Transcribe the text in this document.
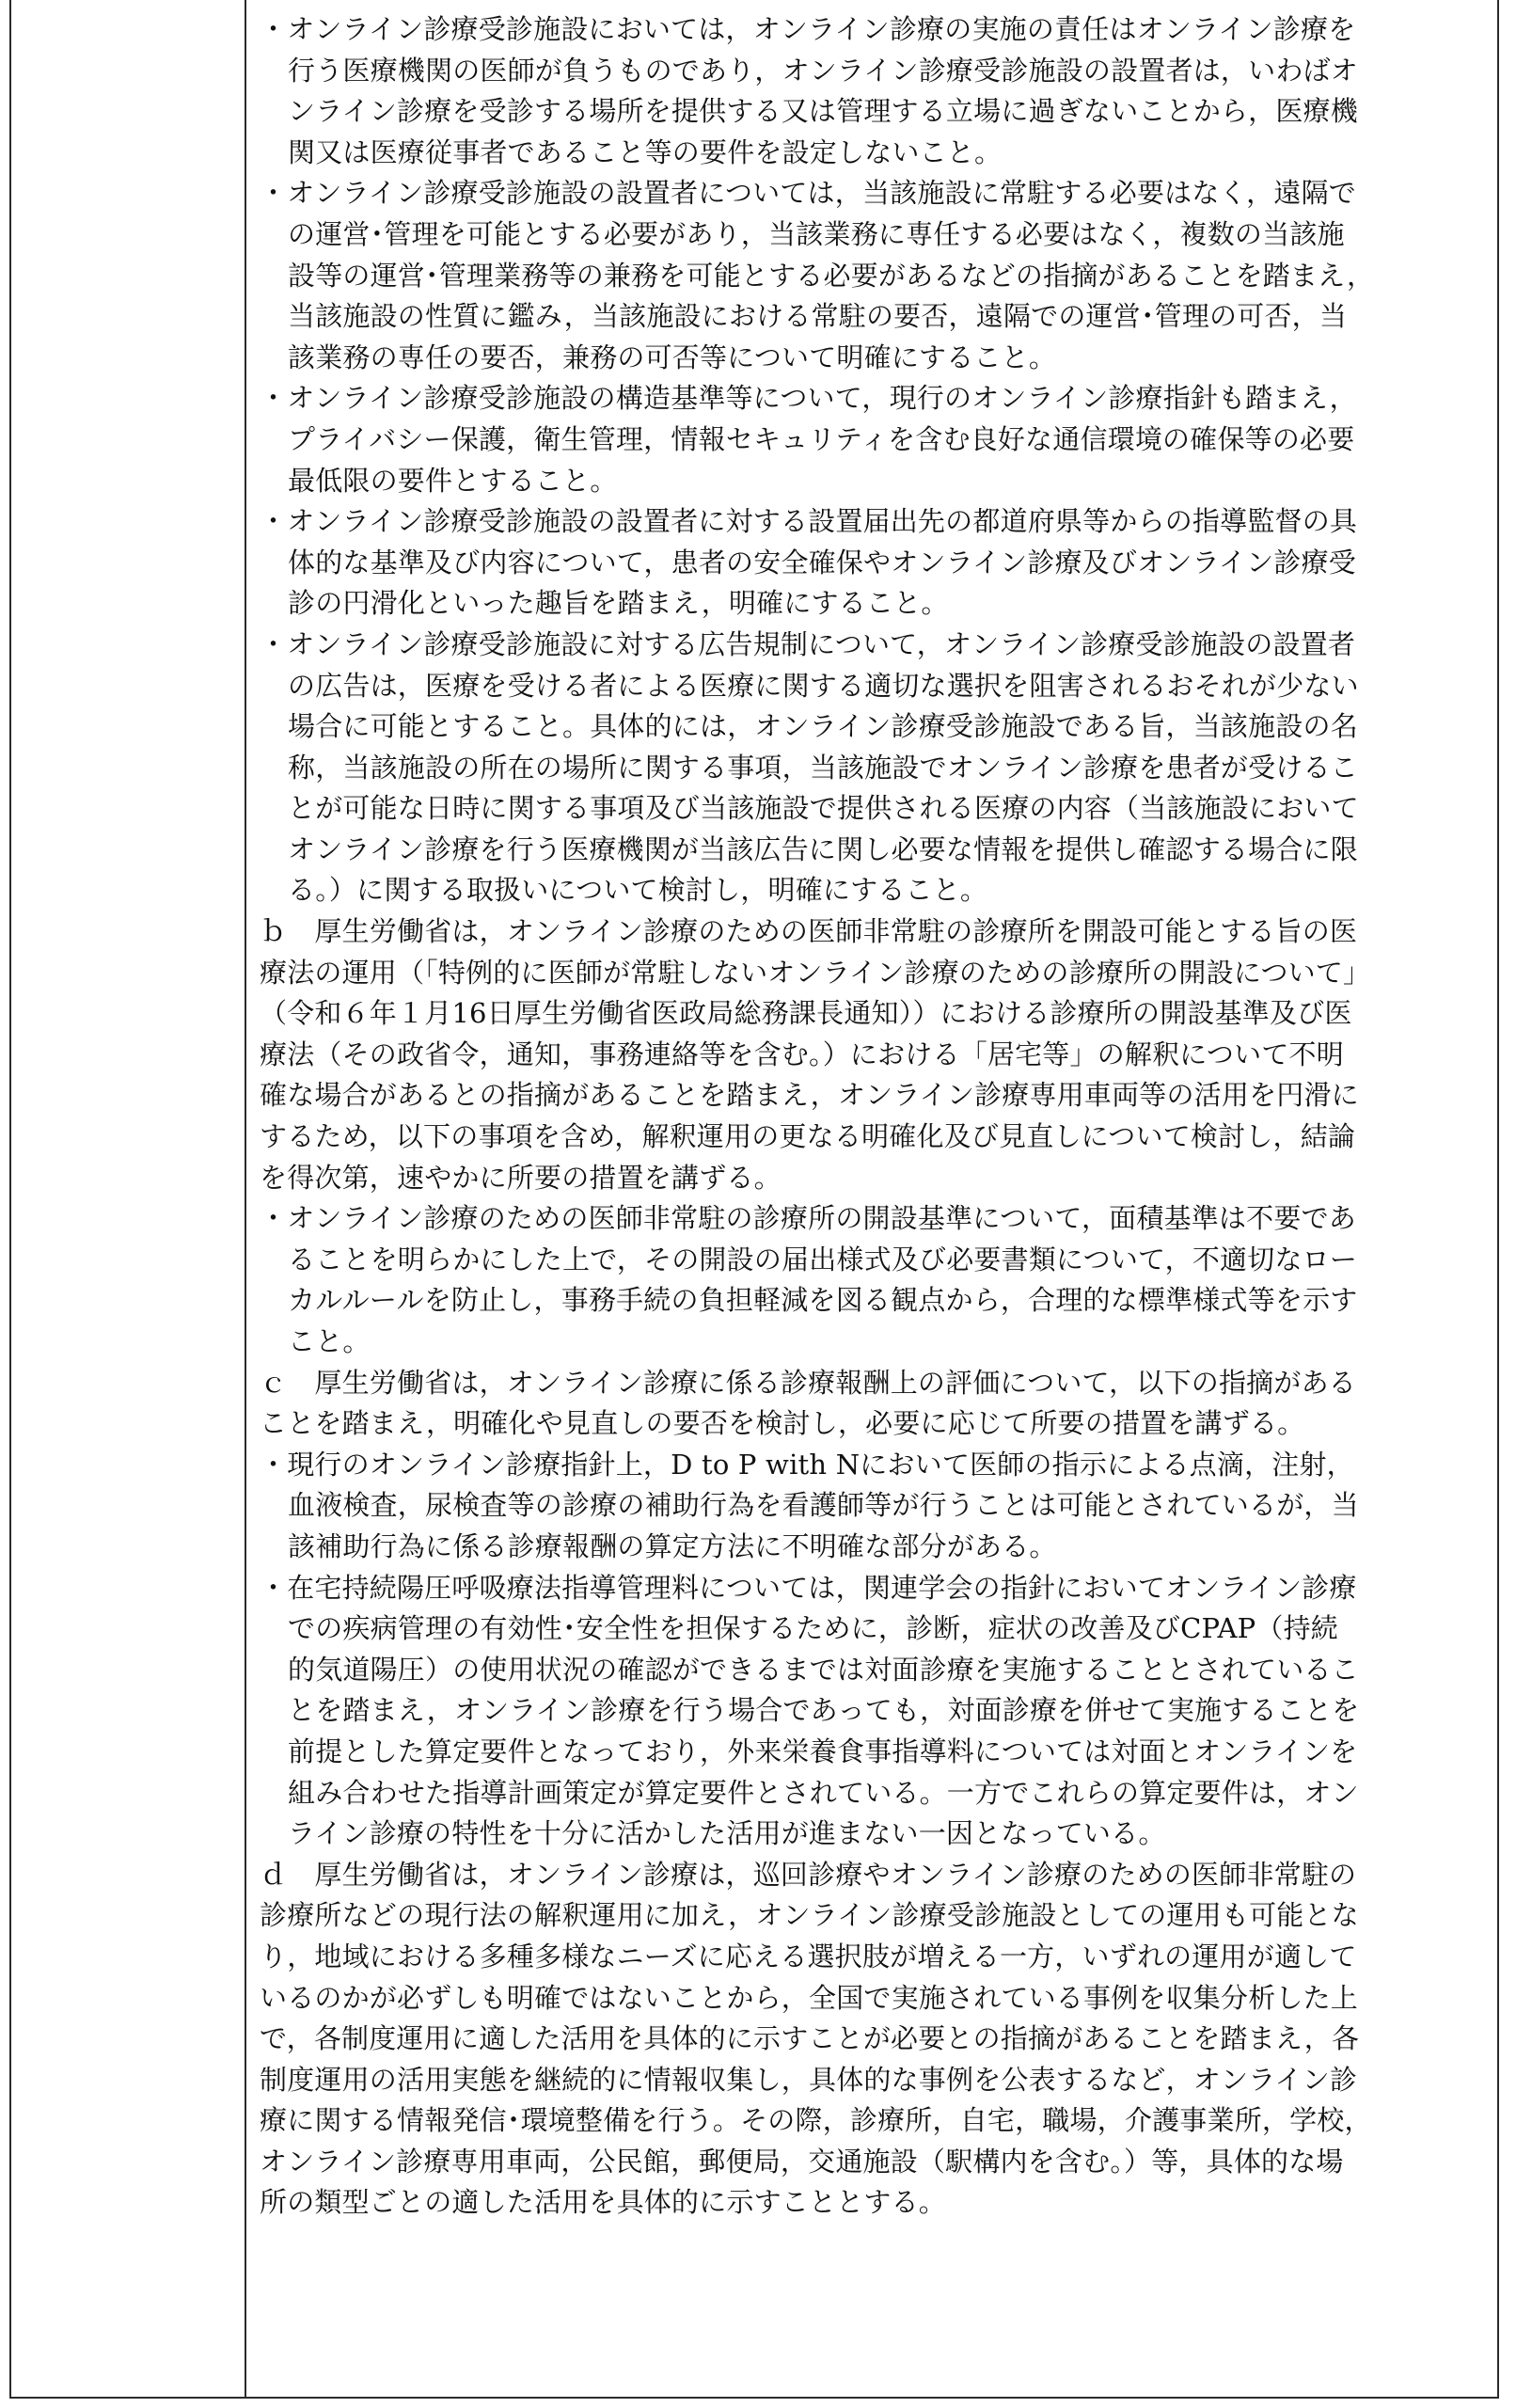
・オンライン診療受診施設においては，オンライン診療の実施の責任はオンライン診療を
行う医療機関の医師が負うものであり，オンライン診療受診施設の設置者は，いわばオ
ンライン診療を受診する場所を提供する又は管理する立場に過ぎないことから，医療機
関又は医療従事者であること等の要件を設定しないこと。
・オンライン診療受診施設の設置者については，当該施設に常駐する必要はなく，遠隔で
の運営･管理を可能とする必要があり，当該業務に専任する必要はなく，複数の当該施
設等の運営･管理業務等の兼務を可能とする必要があるなどの指摘があることを踏まえ，
当該施設の性質に鑑み，当該施設における常駐の要否，遠隔での運営･管理の可否，当
該業務の専任の要否，兼務の可否等について明確にすること。
・オンライン診療受診施設の構造基準等について，現行のオンライン診療指針も踏まえ，
プライバシー保護，衛生管理，情報セキュリティを含む良好な通信環境の確保等の必要
最低限の要件とすること。
・オンライン診療受診施設の設置者に対する設置届出先の都道府県等からの指導監督の具
体的な基準及び内容について，患者の安全確保やオンライン診療及びオンライン診療受
診の円滑化といった趣旨を踏まえ，明確にすること。
・オンライン診療受診施設に対する広告規制について，オンライン診療受診施設の設置者
の広告は，医療を受ける者による医療に関する適切な選択を阻害されるおそれが少ない
場合に可能とすること。具体的には，オンライン診療受診施設である旨，当該施設の名
称，当該施設の所在の場所に関する事項，当該施設でオンライン診療を患者が受けるこ
とが可能な日時に関する事項及び当該施設で提供される医療の内容（当該施設において
オンライン診療を行う医療機関が当該広告に関し必要な情報を提供し確認する場合に限
る。）に関する取扱いについて検討し，明確にすること。
ｂ　厚生労働省は，オンライン診療のための医師非常駐の診療所を開設可能とする旨の医
療法の運用（「特例的に医師が常駐しないオンライン診療のための診療所の開設について」
（令和６年１月16日厚生労働省医政局総務課長通知））における診療所の開設基準及び医
療法（その政省令，通知，事務連絡等を含む。）における「居宅等」の解釈について不明
確な場合があるとの指摘があることを踏まえ，オンライン診療専用車両等の活用を円滑に
するため，以下の事項を含め，解釈運用の更なる明確化及び見直しについて検討し，結論
を得次第，速やかに所要の措置を講ずる。
・オンライン診療のための医師非常駐の診療所の開設基準について，面積基準は不要であ
ることを明らかにした上で，その開設の届出様式及び必要書類について，不適切なロー
カルルールを防止し，事務手続の負担軽減を図る観点から，合理的な標準様式等を示す
こと。
ｃ　厚生労働省は，オンライン診療に係る診療報酬上の評価について，以下の指摘がある
ことを踏まえ，明確化や見直しの要否を検討し，必要に応じて所要の措置を講ずる。
・現行のオンライン診療指針上，D to P with Nにおいて医師の指示による点滴，注射，
血液検査，尿検査等の診療の補助行為を看護師等が行うことは可能とされているが，当
該補助行為に係る診療報酬の算定方法に不明確な部分がある。
・在宅持続陽圧呼吸療法指導管理料については，関連学会の指針においてオンライン診療
での疾病管理の有効性･安全性を担保するために，診断，症状の改善及びCPAP（持続
的気道陽圧）の使用状況の確認ができるまでは対面診療を実施することとされているこ
とを踏まえ，オンライン診療を行う場合であっても，対面診療を併せて実施することを
前提とした算定要件となっており，外来栄養食事指導料については対面とオンラインを
組み合わせた指導計画策定が算定要件とされている。一方でこれらの算定要件は，オン
ライン診療の特性を十分に活かした活用が進まない一因となっている。
ｄ　厚生労働省は，オンライン診療は，巡回診療やオンライン診療のための医師非常駐の
診療所などの現行法の解釈運用に加え，オンライン診療受診施設としての運用も可能とな
り，地域における多種多様なニーズに応える選択肢が増える一方，いずれの運用が適して
いるのかが必ずしも明確ではないことから，全国で実施されている事例を収集分析した上
で，各制度運用に適した活用を具体的に示すことが必要との指摘があることを踏まえ，各
制度運用の活用実態を継続的に情報収集し，具体的な事例を公表するなど，オンライン診
療に関する情報発信･環境整備を行う。その際，診療所，自宅，職場，介護事業所，学校，
オンライン診療専用車両，公民館，郵便局，交通施設（駅構内を含む。）等，具体的な場
所の類型ごとの適した活用を具体的に示すこととする。
